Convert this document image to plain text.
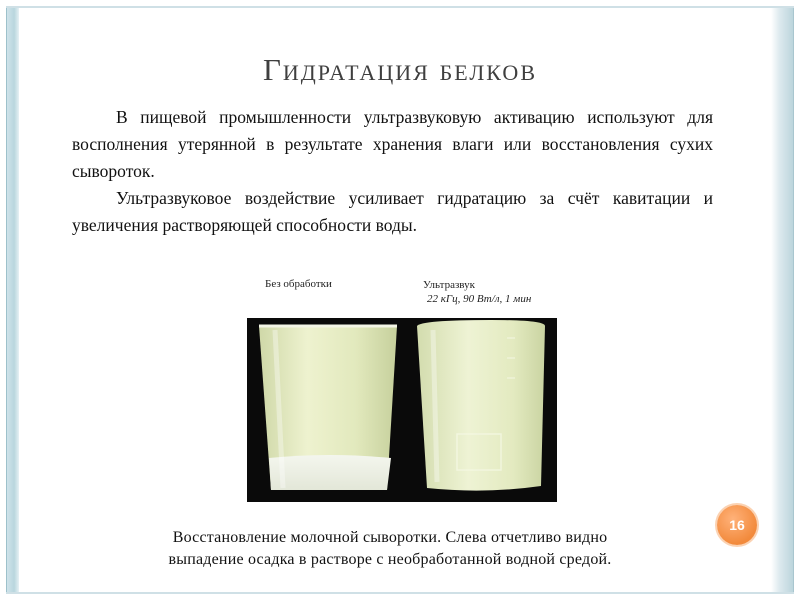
Гидратация белков

В пищевой промышленности ультразвуковую активацию используют для восполнения утерянной в результате хранения влаги или восстановления сухих сывороток.

Ультразвуковое воздействие усиливает гидратацию за счёт кавитации и увеличения растворяющей способности воды.

Без обработки	Ультразвук
22 кГц, 90 Вт/л, 1 мин
Восстановление молочной сыворотки. Слева отчетливо видно
выпадение осадка в растворе с необработанной водной средой.
16
